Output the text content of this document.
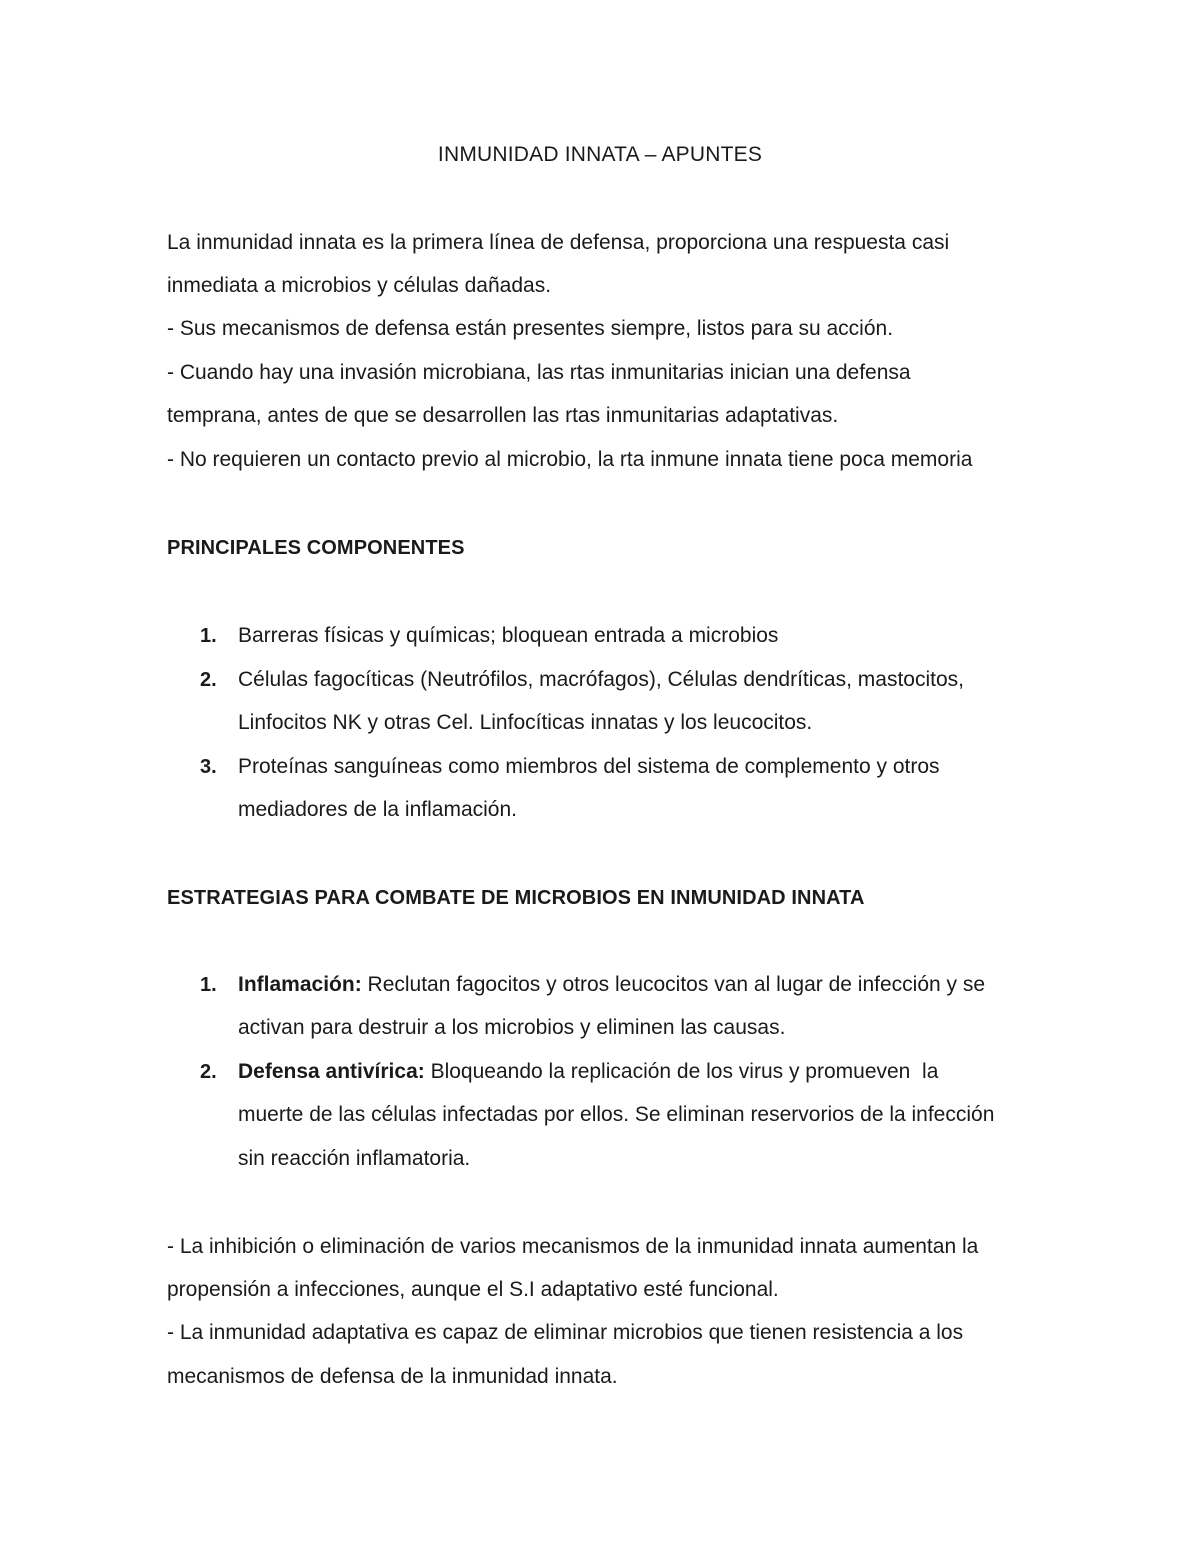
INMUNIDAD INNATA – APUNTES
La inmunidad innata es la primera línea de defensa, proporciona una respuesta casi
inmediata a microbios y células dañadas.
- Sus mecanismos de defensa están presentes siempre, listos para su acción.
- Cuando hay una invasión microbiana, las rtas inmunitarias inician una defensa
temprana, antes de que se desarrollen las rtas inmunitarias adaptativas.
- No requieren un contacto previo al microbio, la rta inmune innata tiene poca memoria
PRINCIPALES COMPONENTES
1. Barreras físicas y químicas; bloquean entrada a microbios
2. Células fagocíticas (Neutrófilos, macrófagos), Células dendríticas, mastocitos,
Linfocitos NK y otras Cel. Linfocíticas innatas y los leucocitos.
3. Proteínas sanguíneas como miembros del sistema de complemento y otros
mediadores de la inflamación.
ESTRATEGIAS PARA COMBATE DE MICROBIOS EN INMUNIDAD INNATA
1. Inflamación: Reclutan fagocitos y otros leucocitos van al lugar de infección y se
activan para destruir a los microbios y eliminen las causas.
2. Defensa antivírica: Bloqueando la replicación de los virus y promueven  la
muerte de las células infectadas por ellos. Se eliminan reservorios de la infección
sin reacción inflamatoria.
- La inhibición o eliminación de varios mecanismos de la inmunidad innata aumentan la
propensión a infecciones, aunque el S.I adaptativo esté funcional.
- La inmunidad adaptativa es capaz de eliminar microbios que tienen resistencia a los
mecanismos de defensa de la inmunidad innata.
